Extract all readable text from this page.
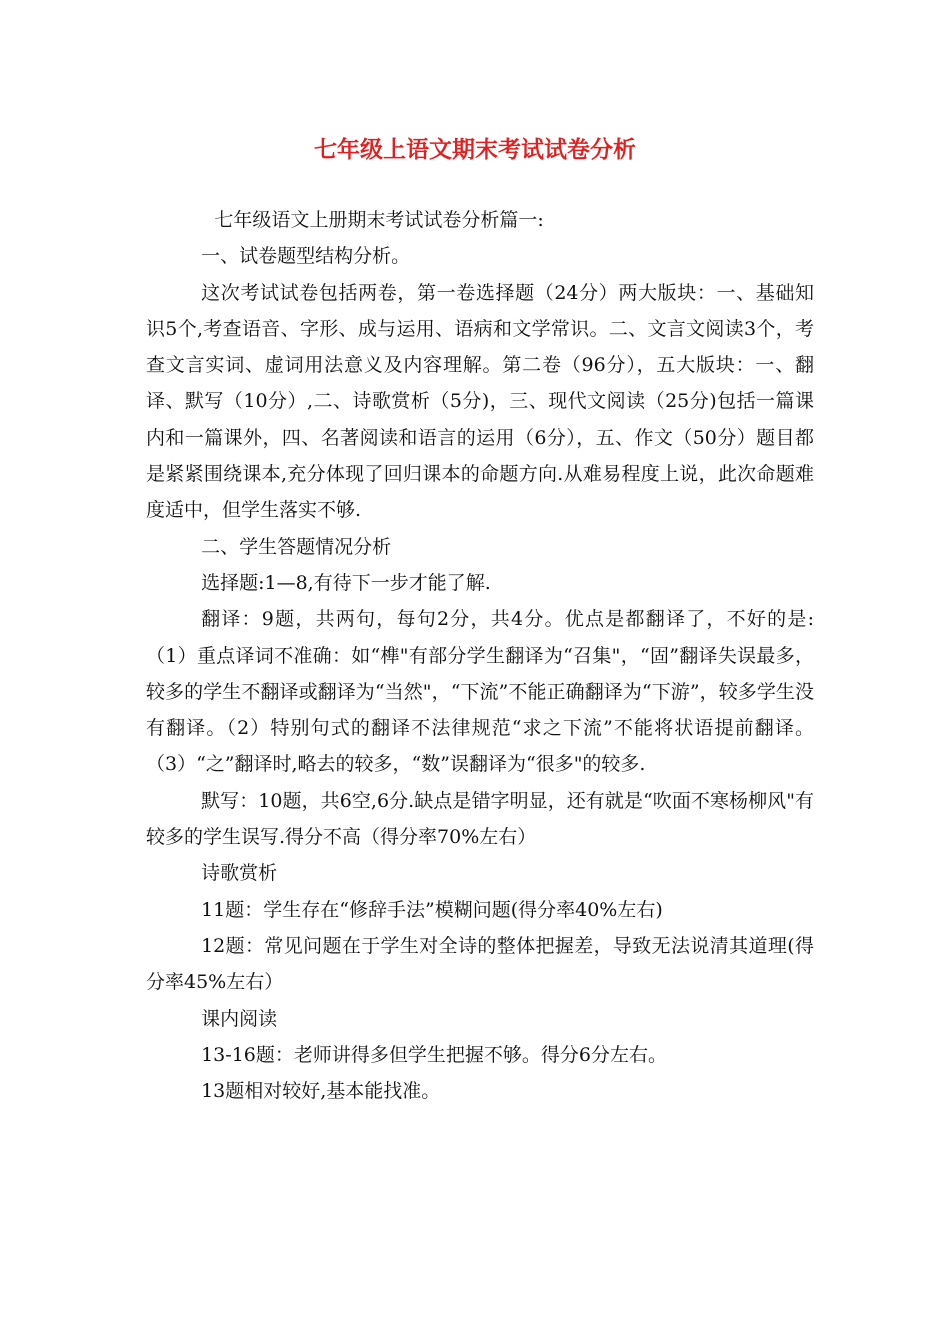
七年级上语文期末考试试卷分析

七年级语文上册期末考试试卷分析篇一:

一、试卷题型结构分析。

这次考试试卷包括两卷，第一卷选择题（24分）两大版块：一、基础知识5个,考查语音、字形、成与运用、语病和文学常识。二、文言文阅读3个，考查文言实词、虚词用法意义及内容理解。第二卷（96分），五大版块：一、翻译、默写（10分）,二、诗歌赏析（5分)，三、现代文阅读（25分)包括一篇课内和一篇课外，四、名著阅读和语言的运用（6分），五、作文（50分）题目都是紧紧围绕课本,充分体现了回归课本的命题方向.从难易程度上说，此次命题难度适中，但学生落实不够.

二、学生答题情况分析

选择题:1—8,有待下一步才能了解.

翻译：9题，共两句，每句2分，共4分。优点是都翻译了，不好的是:（1）重点译词不准确：如“榫"有部分学生翻译为“召集"，“固”翻译失误最多，较多的学生不翻译或翻译为“当然"，“下流”不能正确翻译为“下游”，较多学生没有翻译。（2）特别句式的翻译不法律规范“求之下流”不能将状语提前翻译。（3）“之”翻译时,略去的较多，“数”误翻译为“很多"的较多.

默写：10题，共6空,6分.缺点是错字明显，还有就是“吹面不寒杨柳风"有较多的学生误写.得分不高（得分率70%左右）

诗歌赏析

11题：学生存在“修辞手法”模糊问题(得分率40%左右)

12题：常见问题在于学生对全诗的整体把握差，导致无法说清其道理(得分率45%左右）

课内阅读

13-16题：老师讲得多但学生把握不够。得分6分左右。

13题相对较好,基本能找准。
